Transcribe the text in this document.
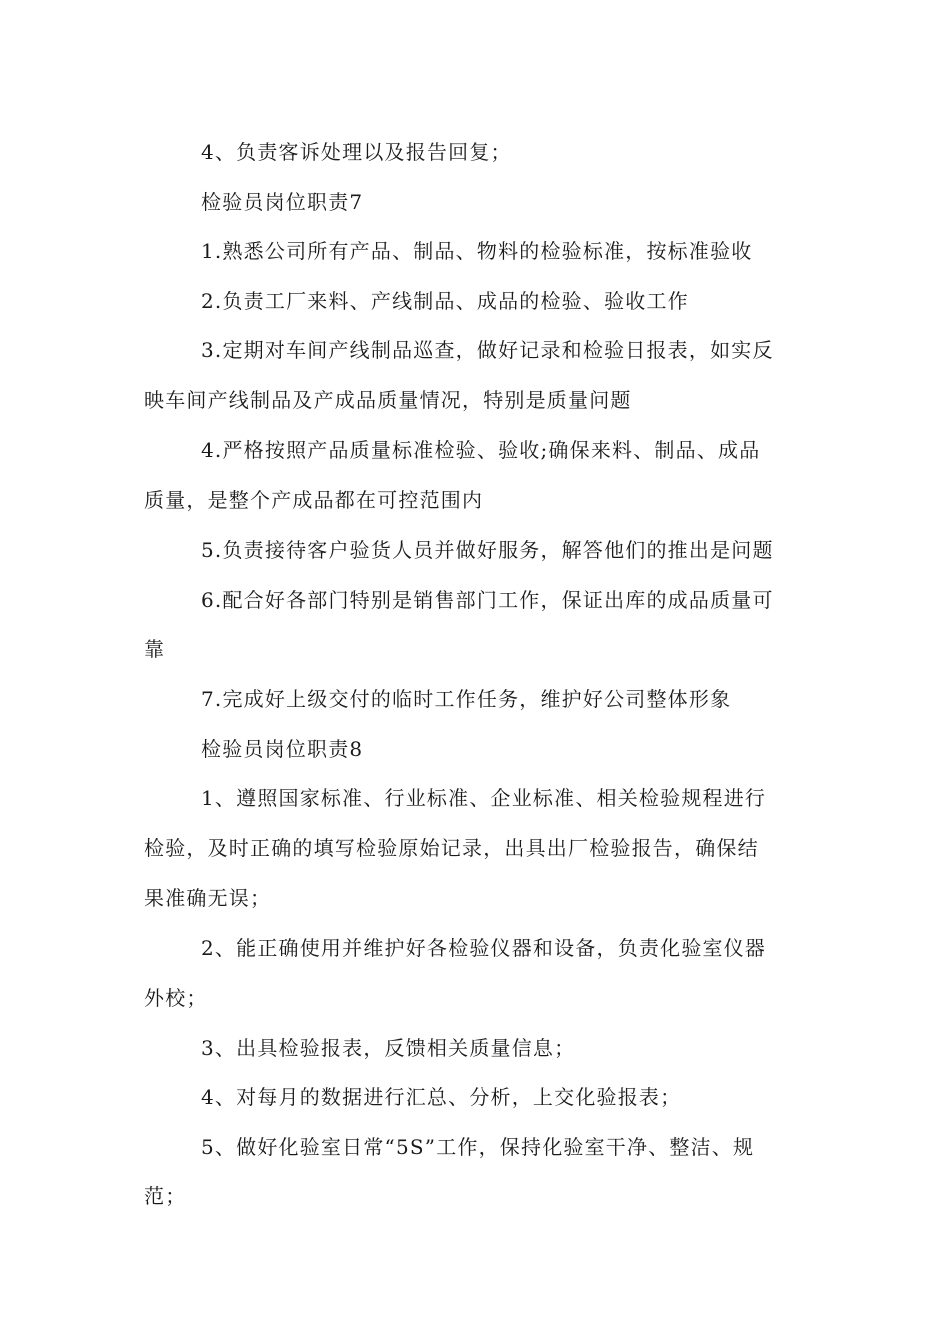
4、负责客诉处理以及报告回复；
检验员岗位职责7
1.熟悉公司所有产品、制品、物料的检验标准，按标准验收
2.负责工厂来料、产线制品、成品的检验、验收工作
3.定期对车间产线制品巡查，做好记录和检验日报表，如实反
映车间产线制品及产成品质量情况，特别是质量问题
4.严格按照产品质量标准检验、验收;确保来料、制品、成品
质量，是整个产成品都在可控范围内
5.负责接待客户验货人员并做好服务，解答他们的推出是问题
6.配合好各部门特别是销售部门工作，保证出库的成品质量可
靠
7.完成好上级交付的临时工作任务，维护好公司整体形象
检验员岗位职责8
1、遵照国家标准、行业标准、企业标准、相关检验规程进行
检验，及时正确的填写检验原始记录，出具出厂检验报告，确保结
果准确无误；
2、能正确使用并维护好各检验仪器和设备，负责化验室仪器
外校；
3、出具检验报表，反馈相关质量信息；
4、对每月的数据进行汇总、分析，上交化验报表；
5、做好化验室日常“5S”工作，保持化验室干净、整洁、规
范；
